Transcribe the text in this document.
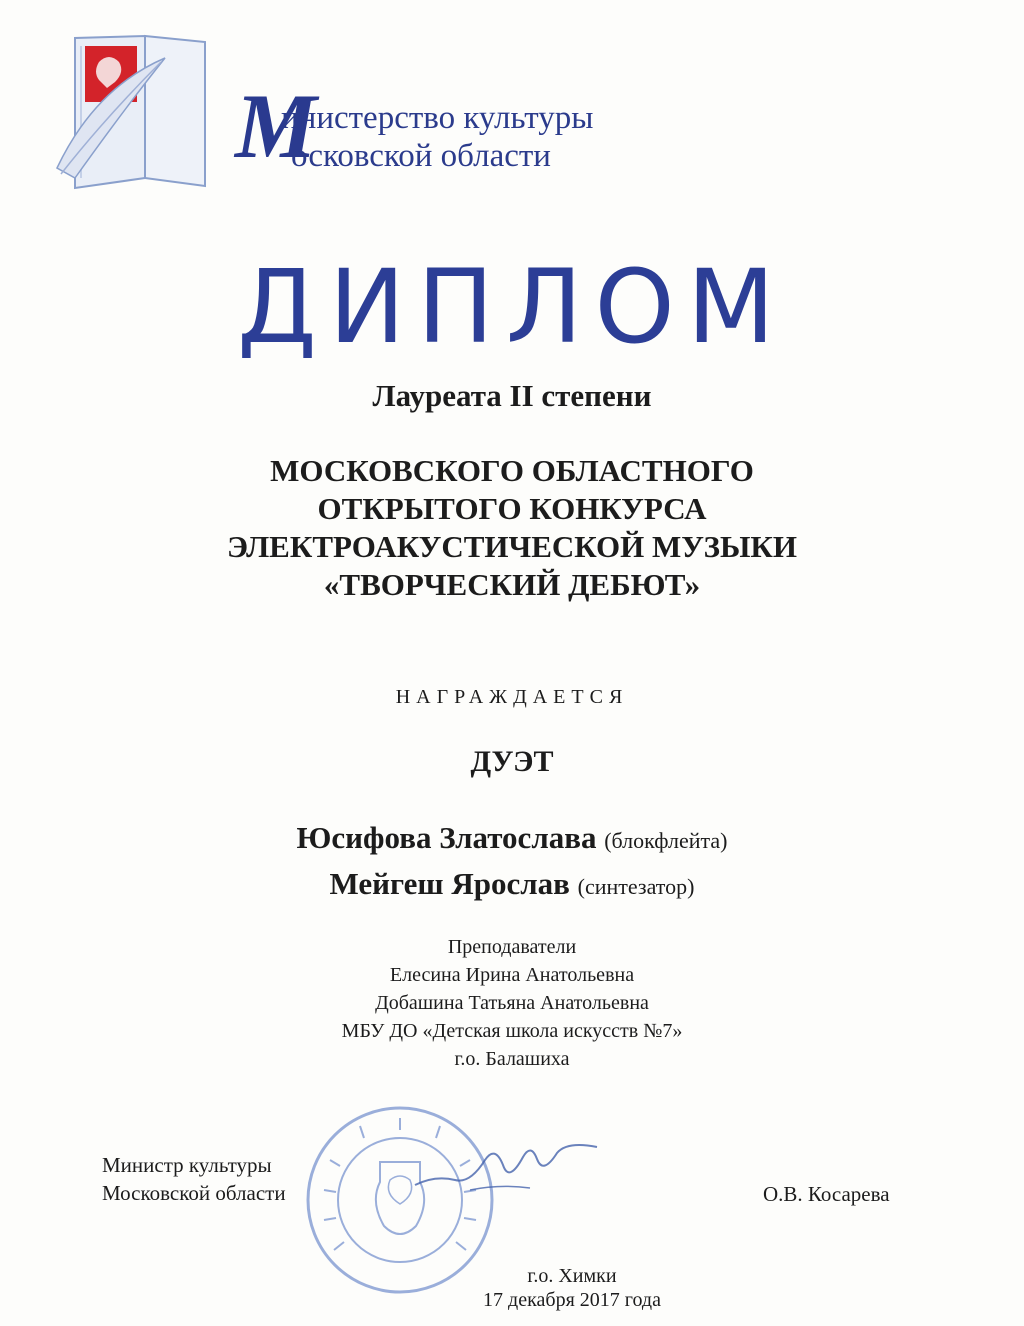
М
инистерство культуры
осковской области
ДИПЛОМ
Лауреата II степени
МОСКОВСКОГО ОБЛАСТНОГО
ОТКРЫТОГО КОНКУРСА
ЭЛЕКТРОАКУСТИЧЕСКОЙ МУЗЫКИ
«ТВОРЧЕСКИЙ ДЕБЮТ»
НАГРАЖДАЕТСЯ
ДУЭТ
Юсифова Златослава (блокфлейта)
Мейгеш Ярослав (синтезатор)
Преподаватели
Елесина Ирина Анатольевна
Добашина Татьяна Анатольевна
МБУ ДО «Детская школа искусств №7»
г.о. Балашиха
Министр культуры
Московской области	О.В. Косарева
г.о. Химки
17 декабря 2017 года
